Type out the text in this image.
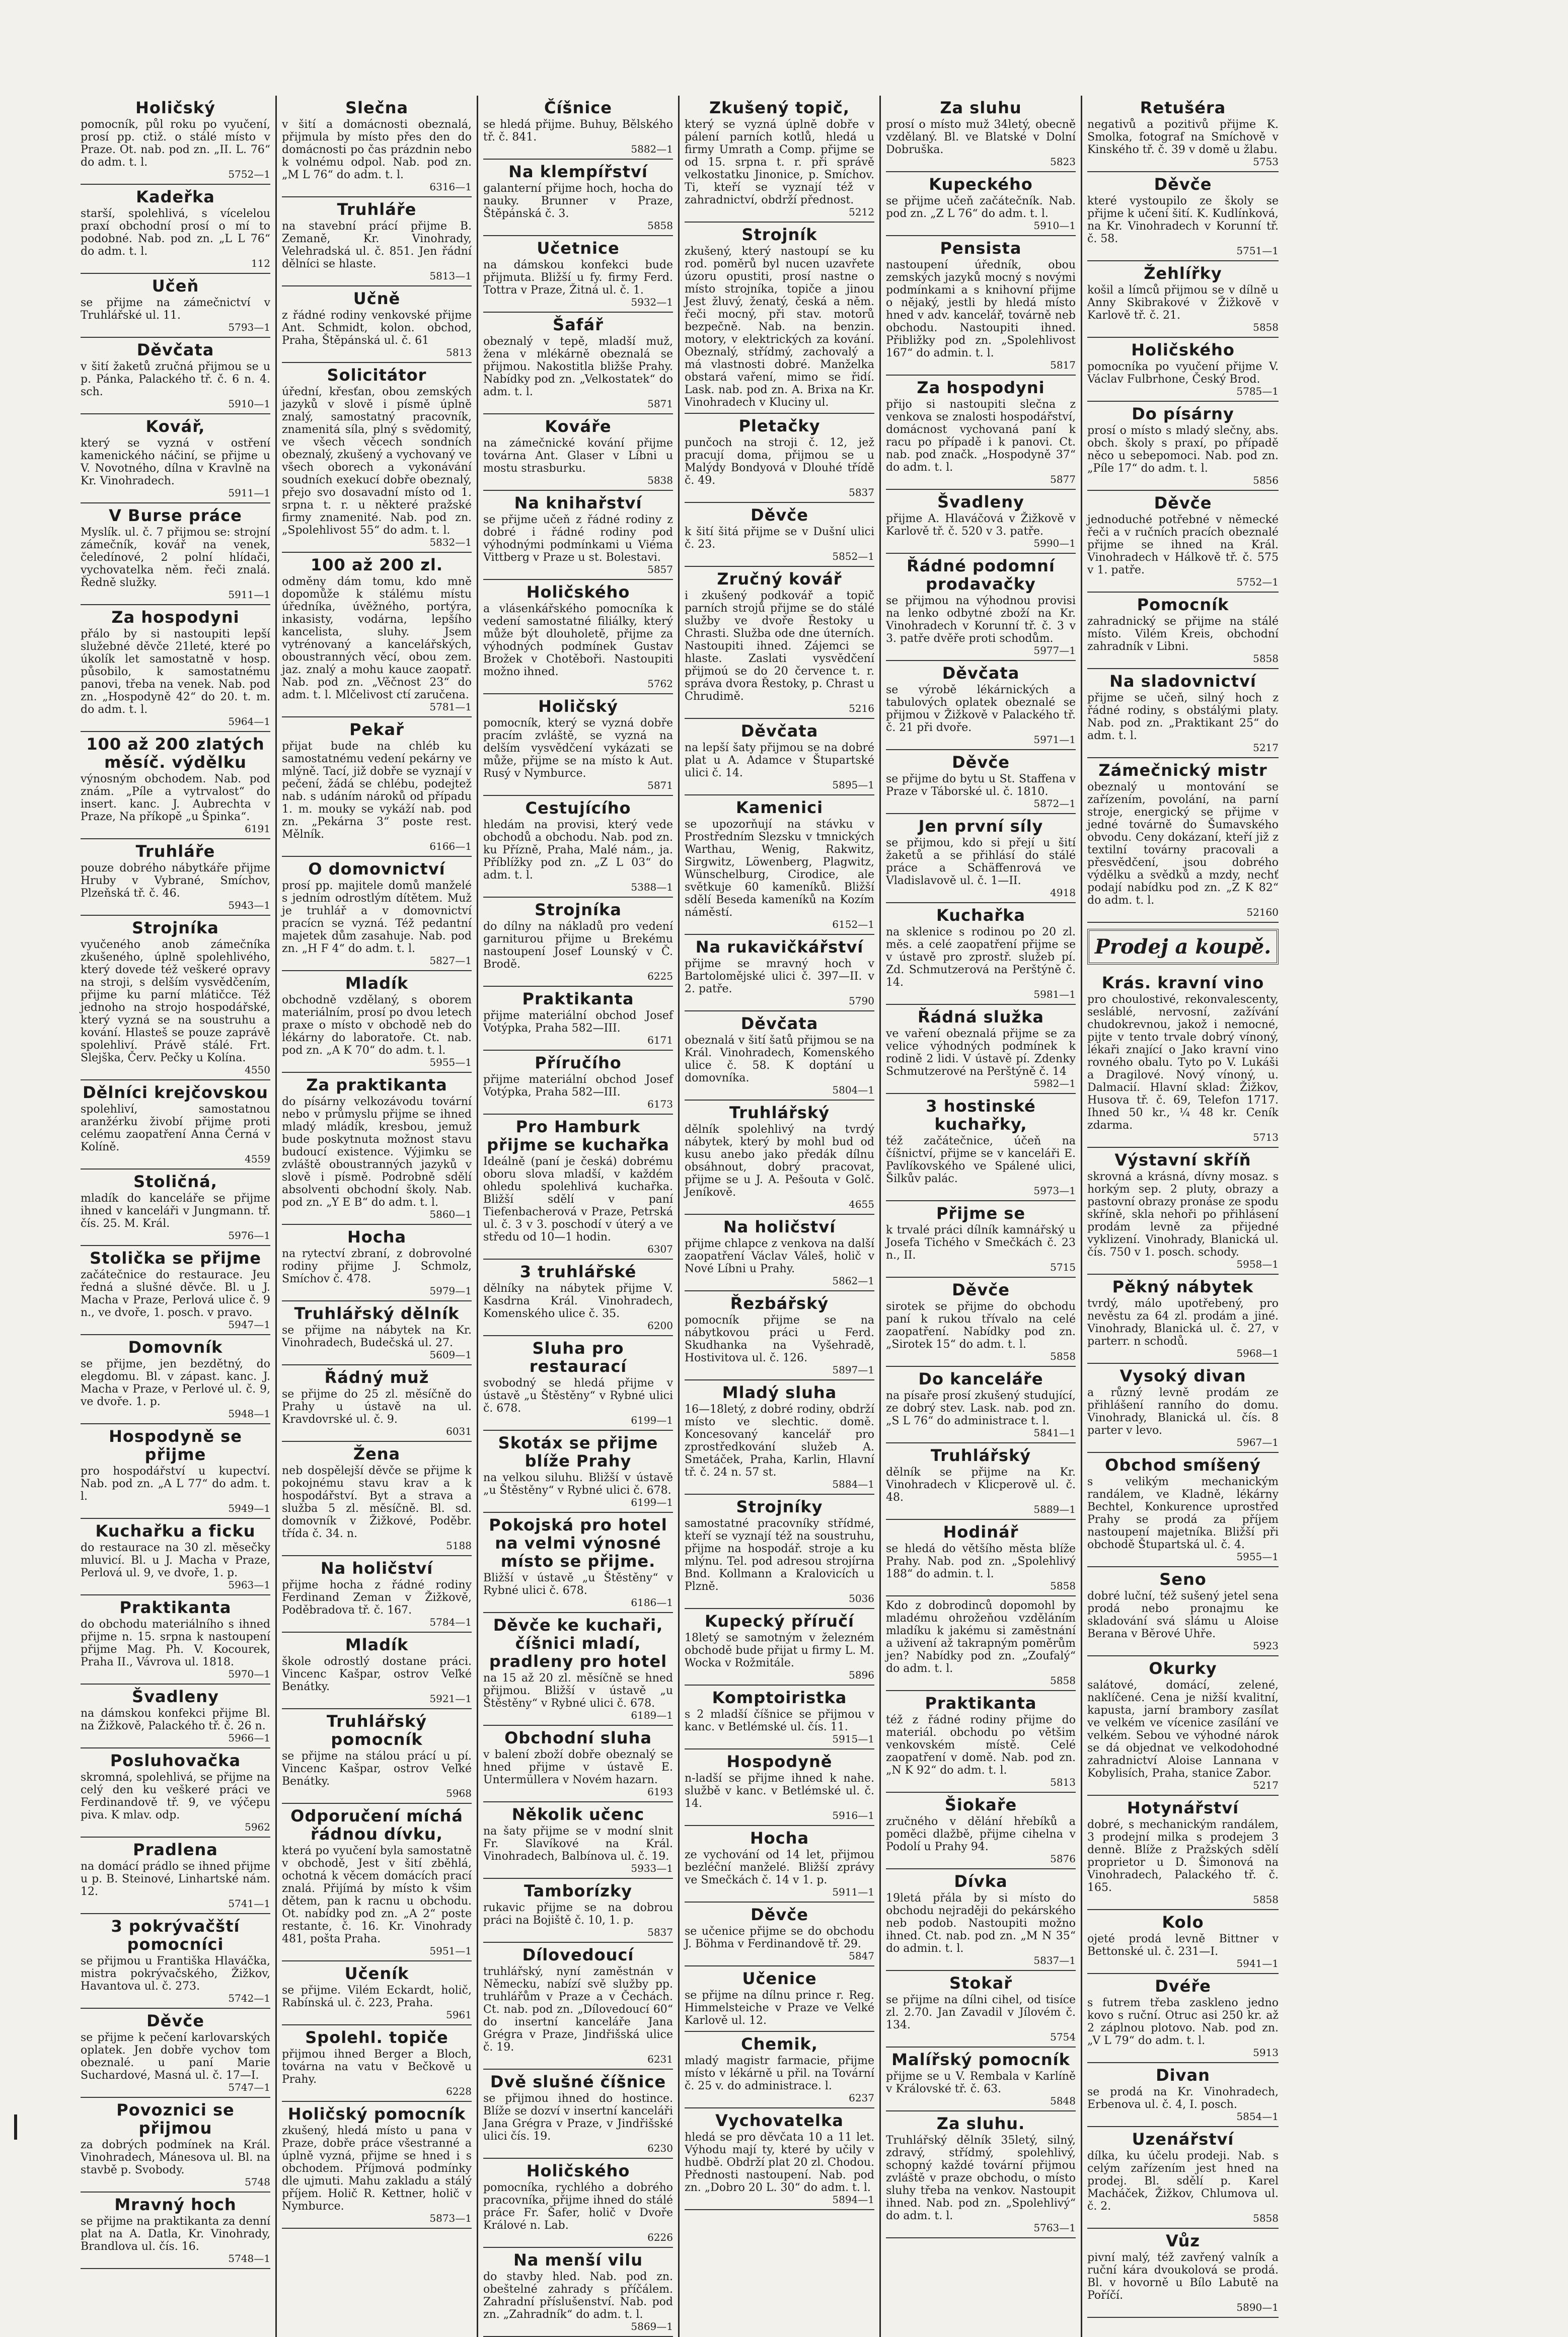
Holičský
pomocník, půl roku po vyučení, prosí pp. ctiž. o stálé místo v Praze. Ot. nab. pod zn. „II. L. 76“ do adm. t. l.
5752—1
Kadeřka
starší, spolehlivá, s vícelelou praxí obchodní prosí o mí to podobné. Nab. pod zn. „L L 76“ do adm. t. l.
112
Učeň
se přijme na zámečnictví v Truhlářské ul. 11.
5793—1
Děvčata
v šití žaketů zručná přijmou se u p. Pánka, Palackého tř. č. 6 n. 4. sch.
5910—1
Kovář,
který se vyzná v ostření kamenického náčiní, se přijme u V. Novotného, dílna v Kravlně na Kr. Vinohradech.
5911—1
V Burse práce
Myslík. ul. č. 7 přijmou se: strojní zámečník, kovář na venek, čeledínové, 2 polní hlídači, vychovatelka něm. řeči znalá. Ředně služky.
5911—1
Za hospodyni
přálo by si nastoupiti lepší služebné děvče 21leté, které po úkolík let samostatně v hosp. působilo, k samostatnému panovi, třeba na venek. Nab. pod zn. „Hospodyně 42“ do 20. t. m. do adm. t. l.
5964—1
100 až 200 zlatých měsíč. výdělku
výnosným obchodem. Nab. pod znám. „Píle a vytrvalost“ do insert. kanc. J. Aubrechta v Praze, Na příkopě „u Špinka“.
6191
Truhláře
pouze dobrého nábytkáře přijme Hruby v Vybrané, Smíchov, Plzeňská tř. č. 46.
5943—1
Strojníka
vyučeného anob zámečníka zkušeného, úplně spolehlivého, který dovede též veškeré opravy na stroji, s delším vysvědčením, přijme ku parní mlátičce. Též jednoho na strojo hospodářské, který vyzná se na soustruhu a kování. Hlasteš se pouze zaprávě spolehliví. Právě stálé. Frt. Slejška, Červ. Pečky u Kolína.
4550
Dělníci krejčovskou
spolehliví, samostatnou aranžérku živobí přijme proti celému zaopatření Anna Černá v Kolíně.
4559
Stoličná,
mladík do kanceláře se přijme ihned v kanceláři v Jungmann. tř. čís. 25. M. Král.
5976—1
Stolička se přijme
začátečnice do restaurace. Jeu ředná a slušné děvče. Bl. u J. Macha v Praze, Perlová ulice č. 9 n., ve dvoře, 1. posch. v pravo.
5947—1
Domovník
se přijme, jen bezdětný, do elegdomu. Bl. v zápast. kanc. J. Macha v Praze, v Perlové ul. č. 9, ve dvoře. 1. p.
5948—1
Hospodyně se přijme
pro hospodářství u kupectví. Nab. pod zn. „A L 77“ do adm. t. l.
5949—1
Kuchařku a ficku
do restaurace na 30 zl. měsečky mluvicí. Bl. u J. Macha v Praze, Perlová ul. 9, ve dvoře, 1. p.
5963—1
Praktikanta
do obchodu materiálního s ihned přijme n. 15. srpna k nastoupení přijme Mag. Ph. V. Kocourek, Praha II., Vávrova ul. 1818.
5970—1
Švadleny
na dámskou konfekci přijme Bl. na Žižkově, Palackého tř. č. 26 n.
5966—1
Posluhovačka
skromná, spolehlivá, se přijme na celý den ku veškeré práci ve Ferdinandově tř. 9, ve výčepu piva. K mlav. odp.
5962
Pradlena
na domácí prádlo se ihned přijme u p. B. Steinové, Linhartské nám. 12.
5741—1
3 pokrývačští pomocníci
se přijmou u Františka Hlaváčka, mistra pokrývačského, Žižkov, Havantova ul. č. 273.
5742—1
Děvče
se přijme k pečení karlovarských oplatek. Jen dobře vychov tom obeznalé. u paní Marie Suchardové, Masná ul. č. 17—I.
5747—1
Povoznici se přijmou
za dobrých podmínek na Král. Vinohradech, Mánesova ul. Bl. na stavbě p. Svobody.
5748
Mravný hoch
se přijme na praktikanta za denní plat na A. Datla, Kr. Vinohrady, Brandlova ul. čís. 16.
5748—1
Slečna
v šití a domácnosti obeznalá, přijmula by místo přes den do domácnosti po čas prázdnin nebo k volnému odpol. Nab. pod zn. „M L 76“ do adm. t. l.
6316—1
Truhláře
na stavební prácí přijme B. Zemaně, Kr. Vinohrady, Velehradská ul. č. 851. Jen řádní dělníci se hlaste.
5813—1
Učně
z řádné rodiny venkovské přijme Ant. Schmidt, kolon. obchod, Praha, Štěpánská ul. č. 61
5813
Solicitátor
úřední, křesťan, obou zemských jazyků v slově i písmě úplně znalý, samostatný pracovník, znamenitá síla, plný s svědomitý, ve všech věcech sondních obeznalý, zkušený a vychovaný ve všech oborech a vykonávání soudních exekucí dobře obeznalý, přejo svo dosavadní místo od 1. srpna t. r. u některé pražské firmy znamenité. Nab. pod zn. „Spolehlivost 55“ do adm. t. l.
5832—1
100 až 200 zl.
odměny dám tomu, kdo mně dopomůže k stálému místu úředníka, úvěžného, portýra, inkasisty, vodárna, lepšího kancelista, sluhy. Jsem vytrénovaný a kancelářských, oboustranných věcí, obou zem. jaz. znalý a mohu kauce zaopatř. Nab. pod zn. „Věčnost 23“ do adm. t. l. Mlčelivost ctí zaručena.
5781—1
Pekař
přijat bude na chléb ku samostatnému vedení pekárny ve mlýně. Tací, již dobře se vyznají v pečení, žádá se chlébu, podejtež nab. s udáním nároků od případu 1. m. mouky se vykáží nab. pod zn. „Pekárna 3“ poste rest. Mělník.
6166—1
O domovnictví
prosí pp. majitele domů manželé s jedním odrostlým dítětem. Muž je truhlář a v domovnictví pracícn se vyzná. Též pedantní majetek dům zasahuje. Nab. pod zn. „H F 4“ do adm. t. l.
5827—1
Mladík
obchodně vzdělaný, s oborem materiálním, prosí po dvou letech praxe o místo v obchodě neb do lékárny do laboratoře. Ct. nab. pod zn. „A K 70“ do adm. t. l.
5955—1
Za praktikanta
do písárny velkozávodu tovární nebo v průmyslu přijme se ihned mladý mládík, kresbou, jemuž bude poskytnuta možnost stavu budoucí existence. Výjimku se zvláště oboustranných jazyků v slově i písmě. Podrobně sdělí absolventi obchodní školy. Nab. pod zn. „Y E B“ do adm. t. l.
5860—1
Hocha
na rytectví zbraní, z dobrovolné rodiny přijme J. Schmolz, Smíchov č. 478.
5979—1
Truhlářský dělník
se přijme na nábytek na Kr. Vinohradech, Budečská ul. 27.
5609—1
Řádný muž
se přijme do 25 zl. měsíčně do Prahy u ústavě na ul. Kravdovrské ul. č. 9.
6031
Žena
neb dospělejší děvče se přijme k pokojnému stavu krav a k hospodářství. Byt a strava a služba 5 zl. měsíčně. Bl. sd. domovník v Žižkové, Poděbr. třída č. 34. n.
5188
Na holičství
přijme hocha z řádné rodiny Ferdinand Zeman v Žižkově, Poděbradova tř. č. 167.
5784—1
Mladík
škole odrostlý dostane práci. Vincenc Kašpar, ostrov Veľké Benátky.
5921—1
Truhlářský pomocník
se přijme na stálou prácí u pí. Vincenc Kašpar, ostrov Veľké Benátky.
5968
Odporučení míchá řádnou dívku,
která po vyučení byla samostatně v obchodě, Jest v šití zběhlá, ochotná k věcem domácích prací znalá. Přijímá by místo k všim dětem, pan k racnu u obchodu. Ot. nabídky pod zn. „A 2“ poste restante, č. 16. Kr. Vinohrady 481, pošta Praha.
5951—1
Učeník
se přijme. Vilém Eckardt, holič, Rabínská ul. č. 223, Praha.
5961
Spolehl. topiče
přijmou ihned Berger a Bloch, továrna na vatu v Bečkově u Prahy.
6228
Holičský pomocník
zkušený, hledá místo u pana v Praze, dobře práce všestranné a úplně vyzná, přijme se hned i s obchodem. Příjmová podmínky dle ujmuti. Mahu zakladu a stálý příjem. Holič R. Kettner, holič v Nymburce.
5873—1
Číšnice
se hledá přijme. Buhuy, Bělského tř. č. 841.
5882—1
Na klempířství
galanterní přijme hoch, hocha do nauky. Brunner v Praze, Štěpánská č. 3.
5858
Učetnice
na dámskou konfekci bude přijmuta. Bližší u fy. firmy Ferd. Tottra v Praze, Žitná ul. č. 1.
5932—1
Šafář
obeznalý v tepě, mladší muž, žena v mlékárně obeznalá se přijmou. Nakostitla bližše Prahy. Nabídky pod zn. „Velkostatek“ do adm. t. l.
5871
Kováře
na zámečnické kování přijme továrna Ant. Glaser v Líbni u mostu strasburku.
5838
Na knihařství
se přijme učeň z řádné rodiny z dobré i řádné rodiny pod výhodnými podmínkami u Viéma Vittberg v Praze u st. Bolestavi.
5857
Holičského
a vlásenkářského pomocníka k vedení samostatné filiálky, který může být dlouholetě, přijme za výhodných podmínek Gustav Brožek v Chotěboři. Nastoupiti možno ihned.
5762
Holičský
pomocník, který se vyzná dobře pracím zvláště, se vyzná na delším vysvědčení vykázati se může, přijme se na místo k Aut. Rusý v Nymburce.
5871
Cestujícího
hledám na provisi, který vede obchodů a obchodu. Nab. pod zn. ku Přízně, Praha, Malé nám., ja. Příblížky pod zn. „Z L 03“ do adm. t. l.
5388—1
Strojníka
do dílny na nákladů pro vedení garniturou přijme u Brekému nastoupení Josef Lounský v Č. Brodě.
6225
Praktikanta
přijme materiální obchod Josef Votýpka, Praha 582—III.
6171
Příručího
přijme materiální obchod Josef Votýpka, Praha 582—III.
6173
Pro Hamburk přijme se kuchařka
Ideálně (paní je česká) dobrému oboru slova mladší, v každém ohledu spolehlivá kuchařka. Bližší sdělí v paní Tiefenbacherová v Praze, Petrská ul. č. 3 v 3. poschodí v úterý a ve středu od 10—1 hodin.
6307
3 truhlářské
dělníky na nábytek přijme V. Kasdrna Král. Vinohradech, Komenského ulice č. 35.
6200
Sluha pro restaurací
svobodný se hledá přijme v ústavě „u Štěstěny“ v Rybné ulici č. 678.
6199—1
Skotáx se přijme blíže Prahy
na velkou siluhu. Bližší v ústavě „u Štěstěny“ v Rybné ulici č. 678.
6199—1
Pokojská pro hotel na velmi výnosné místo se přijme.
Bližší v ústavě „u Štěstěny“ v Rybné ulici č. 678.
6186—1
Děvče ke kuchaři, číšnici mladí, pradleny pro hotel
na 15 až 20 zl. měsíčně se hned přijmou. Bližší v ústavě „u Štěstěny“ v Rybné ulici č. 678.
6189—1
Obchodní sluha
v balení zboží dobře obeznalý se hned přijme v ústavě E. Untermüllera v Novém hazarn.
6193
Několik učenc
na šaty přijme se v modní slnit Fr. Slavíkové na Král. Vinohradech, Balbínova ul. č. 19.
5933—1
Tamborízky
rukavic přijme se na dobrou práci na Bojiště č. 10, 1. p.
5837
Dílovedoucí
truhlářský, nyní zaměstnán v Německu, nabízí svě služby pp. truhlářům v Praze a v Čechách. Ct. nab. pod zn. „Dílovedoucí 60“ do insertní kanceláře Jana Grégra v Praze, Jindřišská ulice č. 19.
6231
Dvě slušné číšnice
se přijmou ihned do hostince. Blíže se dozví v insertní kanceláři Jana Grégra v Praze, v Jindřišské ulici čís. 19.
6230
Holičského
pomocníka, rychlého a dobrého pracovníka, přijme ihned do stálé práce Fr. Šafer, holič v Dvoře Králové n. Lab.
6226
Na menší vilu
do stavby hled. Nab. pod zn. obeštelné zahrady s příčálem. Zahradní příslušenství. Nab. pod zn. „Zahradník“ do adm. t. l.
5869—1
Zkušený topič,
který se vyzná úplně dobře v pálení parních kotlů, hledá u firmy Umrath a Comp. přijme se od 15. srpna t. r. při správě velkostatku Jinonice, p. Smíchov. Ti, kteří se vyznají též v zahradnictví, obdrží přednost.
5212
Strojník
zkušený, který nastoupí se ku rod. poměrů byl nucen uzavřete úzoru opustiti, prosí nastne o místo strojníka, topiče a jinou Jest žluvý, ženatý, česká a něm. řeči mocný, při stav. motorů bezpečně. Nab. na benzin. motory, v elektrických za kování. Obeznalý, střídmý, zachovalý a má vlastnosti dobré. Manželka obstará vaření, mimo se řidí. Lask. nab. pod zn. A. Brixa na Kr. Vinohradech v Kluciny ul.
Pletačky
punčoch na stroji č. 12, jež pracují doma, přijmou se u Malýdy Bondyová v Dlouhé třídě č. 49.
5837
Děvče
k šití šitá přijme se v Dušní ulici č. 23.
5852—1
Zručný kovář
i zkušený podkovář a topič parních strojů přijme se do stálé služby ve dvoře Řestoky u Chrasti. Služba ode dne úterních. Nastoupiti ihned. Zájemci se hlaste. Zaslati vysvědčení přijmoú se do 20 července t. r. správa dvora Řestoky, p. Chrast u Chrudimě.
5216
Děvčata
na lepší šaty přijmou se na dobré plat u A. Adamce v Štupartské ulici č. 14.
5895—1
Kamenici
se upozorňují na stávku v Prostředním Slezsku v tmnických Warthau, Wenig, Rakwitz, Sirgwitz, Löwenberg, Plagwitz, Wünschelburg, Cirodice, ale světkuje 60 kameníků. Bližší sdělí Beseda kameníků na Kozím náměstí.
6152—1
Na rukavičkářství
přijme se mravný hoch v Bartolomějské ulici č. 397—II. v 2. patře.
5790
Děvčata
obeznalá v šití šatů přijmou se na Král. Vinohradech, Komenského ulice č. 58. K doptání u domovníka.
5804—1
Truhlářský
dělník spolehlivý na tvrdý nábytek, který by mohl bud od kusu anebo jako předák dílnu obsáhnout, dobrý pracovat, přijme se u J. A. Pešouta v Golč. Jeníkově.
4655
Na holičství
přijme chlapce z venkova na další zaopatření Václav Váleš, holič v Nové Líbni u Prahy.
5862—1
Řezbářský
pomocník přijme se na nábytkovou práci u Ferd. Skudhanka na Vyšehradě, Hostivitova ul. č. 126.
5897—1
Mladý sluha
16—18letý, z dobré rodiny, obdrží místo ve slechtic. domě. Koncesovaný kancelář pro zprostředkování služeb A. Smetáček, Praha, Karlin, Hlavní tř. č. 24 n. 57 st.
5884—1
Strojníky
samostatné pracovníky střídmé, kteří se vyznají též na soustruhu, přijme na hospodář. stroje a ku mlýnu. Tel. pod adresou strojírna Bnd. Kollmann a Kralovicích u Plzně.
5036
Kupecký příručí
18letý se samotným v železném obchodě bude přijat u firmy L. M. Wocka v Rožmitále.
5896
Komptoiristka
s 2 mladší číšnice se přijmou v kanc. v Betlémské ul. čís. 11.
5915—1
Hospodyně
n-ladší se přijme ihned k nahe. službě v kanc. v Betlémské ul. č. 14.
5916—1
Hocha
ze vychování od 14 let, přijmou bezléční manželé. Bližší zprávy ve Smečkách č. 14 v 1. p.
5911—1
Děvče
se učenice přijme se do obchodu J. Böhma v Ferdinandově tř. 29.
5847
Učenice
se přijme na dílnu prince r. Reg. Himmelsteiche v Praze ve Velké Karlově ul. 12.
Chemik,
mladý magistr farmacie, přijme místo v lékárně u přil. na Tovární č. 25 v. do administrace. l.
6237
Vychovatelka
hledá se pro děvčata 10 a 11 let. Výhodu mají ty, které by učily v hudbě. Obdrží plat 20 zl. Chodou. Přednosti nastoupení. Nab. pod zn. „Dobro 20 L. 30“ do adm. t. l.
5894—1
Za sluhu
prosí o místo muž 34letý, obecně vzdělaný. Bl. ve Blatské v Dolní Dobruška.
5823
Kupeckého
se přijme učeň začátečník. Nab. pod zn. „Z L 76“ do adm. t. l.
5910—1
Pensista
nastoupení úředník, obou zemských jazyků mocný s novými podmínkami a s knihovní přijme o nějaký, jestli by hledá místo hned v adv. kancelář, továrně neb obchodu. Nastoupiti ihned. Přibližky pod zn. „Spolehlivost 167“ do admin. t. l.
5817
Za hospodyni
přijo si nastoupiti slečna z venkova se znalosti hospodářství, domácnost vychovaná paní k racu po případě i k panovi. Ct. nab. pod značk. „Hospodyně 37“ do adm. t. l.
5877
Švadleny
přijme A. Hlaváčová v Žižkově v Karlově tř. č. 520 v 3. patře.
5990—1
Řádné podomní prodavačky
se přijmou na výhodnou provisi na lenko odbytné zboží na Kr. Vinohradech v Korunní tř. č. 3 v 3. patře dvěře proti schodům.
5977—1
Děvčata
se výrobě lékárnických a tabulových oplatek obeznalé se přijmou v Žižkově v Palackého tř. č. 21 při dvoře.
5971—1
Děvče
se přijme do bytu u St. Staffena v Praze v Táborské ul. č. 1810.
5872—1
Jen první síly
se přijmou, kdo si přejí u šití žaketů a se přihlásí do stálé práce a Schäffenrová ve Vladislavově ul. č. 1—II.
4918
Kuchařka
na sklenice s rodinou po 20 zl. měs. a celé zaopatření přijme se v ústavě pro zprostř. služeb pí. Zd. Schmutzerová na Perštýně č. 14.
5981—1
Řádná služka
ve vaření obeznalá přijme se za velice výhodných podmínek k rodině 2 lidi. V ústavě pí. Zdenky Schmutzerové na Perštýně č. 14
5982—1
3 hostinské kuchařky,
též začátečnice, účeň na číšnictví, přijme se v kanceláři E. Pavlíkovského ve Spálené ulici, Šilkův palác.
5973—1
Přijme se
k trvalé práci dílník kamnářský u Josefa Tichého v Smečkách č. 23 n., II.
5715
Děvče
sirotek se přijme do obchodu paní k rukou třívalo na celé zaopatření. Nabídky pod zn. „Sirotek 15“ do adm. t. l.
5858
Do kanceláře
na písaře prosí zkušený studující, ze dobrý stev. Lask. nab. pod zn. „S L 76“ do administrace t. l.
5841—1
Truhlářský
dělník se přijme na Kr. Vinohradech v Klicperově ul. č. 48.
5889—1
Hodinář
se hledá do většího města blíže Prahy. Nab. pod zn. „Spolehlivý 188“ do admin. t. l.
5858
Kdo z dobrodinců dopomohl by mladému ohrožeňou vzděláním mladíku k jakému si zaměstnání a uživení až takrapným poměrům jen? Nabídky pod zn. „Zoufalý“ do adm. t. l.
5858
Praktikanta
též z řádné rodiny přijme do materiál. obchodu po většim venkovském místě. Celé zaopatření v domě. Nab. pod zn. „N K 92“ do adm. t. l.
5813
Šiokaře
zručného v dělání hřebíků a poměci dlažbě, přijme cihelna v Podolí u Prahy 94.
5876
Dívka
19letá přála by si místo do obchodu nejraději do pekárského neb podob. Nastoupiti možno ihned. Ct. nab. pod zn. „M N 35“ do admin. t. l.
5837—1
Stokař
se přijme na dílni cihel, od tisíce zl. 2.70. Jan Zavadil v Jílovém č. 134.
5754
Malířský pomocník
přijme se u V. Rembala v Karlíně v Královské tř. č. 63.
5848
Za sluhu.
Truhlářský dělník 35letý, silný, zdravý, střídmý, spolehlivý, schopný každé tovární přijmou zvláště v praze obchodu, o místo sluhy třeba na venkov. Nastoupit ihned. Nab. pod zn. „Spolehlivý“ do adm. t. l.
5763—1
Retušéra
negativů a pozitivů přijme K. Smolka, fotograf na Smíchově v Kinského tř. č. 39 v domě u žlabu.
5753
Děvče
které vystoupilo ze školy se přijme k učení šití. K. Kudlínková, na Kr. Vinohradech v Korunní tř. č. 58.
5751—1
Žehlířky
košil a límců přijmou se v dílně u Anny Skibrakové v Žižkově v Karlově tř. č. 21.
5858
Holičského
pomocníka po vyučení přijme V. Václav Fulbrhone, Český Brod.
5785—1
Do písárny
prosí o místo s mladý slečny, abs. obch. školy s praxí, po případě něco u sebepomoci. Nab. pod zn. „Píle 17“ do adm. t. l.
5856
Děvče
jednoduché potřebné v německé řeči a v ručních pracích obeznalé přijme se ihned na Král. Vinohradech v Hálkově tř. č. 575 v 1. patře.
5752—1
Pomocník
zahradnický se přijme na stálé místo. Vilém Kreis, obchodní zahradník v Libni.
5858
Na sladovnictví
přijme se učeň, silný hoch z řádné rodiny, s obstálými platy. Nab. pod zn. „Praktikant 25“ do adm. t. l.
5217
Zámečnický mistr
obeznalý u montování se zařízením, povolání, na parní stroje, energický se přijme v jedné továrně do Šumavského obvodu. Ceny dokázaní, kteří již z textilní továrny pracovali a přesvědčení, jsou dobrého výdělku a svědků a mzdy, nechť podají nabídku pod zn. „Z K 82“ do adm. t. l.
52160
Prodej a koupě.
Krás. kravní vino
pro choulostivé, rekonvalescenty, sesláblé, nervosní, zažívání chudokrevnou, jakož i nemocné, pijte v tento trvale dobrý vínoný, lékaři znající o Jako kravní vino rovného obalu. Tyto po V. Lukáši a Dragilové. Nový vínoný, u. Dalmacií. Hlavní sklad: Žižkov, Husova tř. č. 69, Telefon 1717. Ihned 50 kr., ¼ 48 kr. Ceník zdarma.
5713
Výstavní skříň
skrovná a krásná, dívny mosaz. s horkým sep. 2 pluty, obrazy a pastovní obrazy pronáse ze spodu skříně, skla nehoři po přihlásení prodám levně za přijedné vyklizení. Vinohrady, Blanická ul. čís. 750 v 1. posch. schody.
5958—1
Pěkný nábytek
tvrdý, málo upotřebený, pro nevěstu za 64 zl. prodám a jiné. Vinohrady, Blanická ul. č. 27, v parterr. n schodů.
5968—1
Vysoký divan
a různý levně prodám ze přihlášení ranního do domu. Vinohrady, Blanická ul. čís. 8 parter v levo.
5967—1
Obchod smíšený
s velikým mechanickým randálem, ve Kladně, lékárny Bechtel, Konkurence uprostřed Prahy se prodá za příjem nastoupení majetníka. Bližší při obchodě Štupartská ul. č. 4.
5955—1
Seno
dobré luční, též sušený jetel sena prodá nebo pronajmu ke skladování svá slámu u Aloise Berana v Běrové Uhře.
5923
Okurky
salátové, domácí, zelené, naklíčené. Cena je nižší kvalitní, kapusta, jarní brambory zasílat ve velkém ve vícenice zasílání ve velkém. Sebou ve výhodné nárok se dá objednat ve velkodohodné zahradnictví Aloise Lannana v Kobylisích, Praha, stanice Zabor.
5217
Hotynářství
dobré, s mechanickým randálem, 3 prodejní milka s prodejem 3 denně. Blíže z Pražských sdělí proprietor u D. Šimonová na Vinohradech, Palackého tř. č. 165.
5858
Kolo
ojeté prodá levně Bittner v Bettonské ul. č. 231—I.
5941—1
Dvéře
s futrem třeba zaskleno jedno kovo s ruční. Otruc asi 250 kr. až 2 záplnou plotovo. Nab. pod zn. „V L 79“ do adm. t. l.
5913
Divan
se prodá na Kr. Vinohradech, Erbenova ul. č. 4, I. posch.
5854—1
Uzenářství
dílka, ku účelu prodeji. Nab. s celým zařízením jest hned na prodej. Bl. sdělí p. Karel Macháček, Žižkov, Chlumova ul. č. 2.
5858
Vůz
pivní malý, též zavřený valník a ruční kára dvoukolová se prodá. Bl. v hovorně u Bílo Labutě na Poříčí.
5890—1
